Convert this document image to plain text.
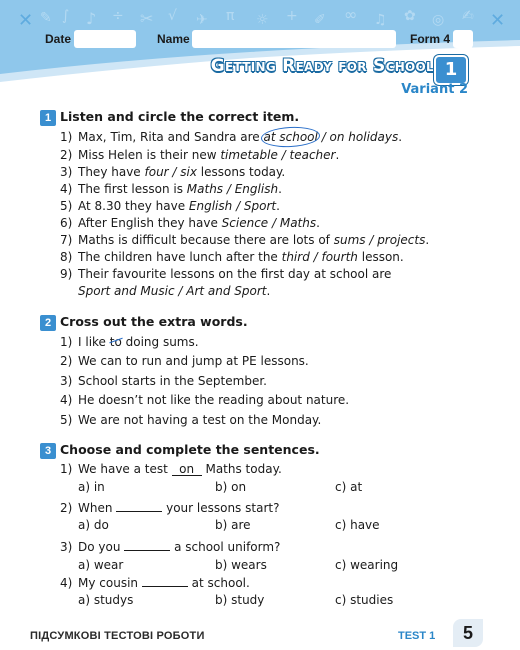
✕ ✎ ∫ ♪ ÷ ✂ √ ✈ π ☼ + ✐ ∞ ♫ ✿ ◎ ✍ ✕
Date	Name	Form 4
Getting Ready for School 1
Variant 2
1 Listen and circle the correct item.
1) Max, Tim, Rita and Sandra are at school / on holidays.
2) Miss Helen is their new timetable / teacher.
3) They have four / six lessons today.
4) The first lesson is Maths / English.
5) At 8.30 they have English / Sport.
6) After English they have Science / Maths.
7) Maths is difficult because there are lots of sums / projects.
8) The children have lunch after the third / fourth lesson.
9) Their favourite lessons on the first day at school are
Sport and Music / Art and Sport.
2 Cross out the extra words.
1) I like to doing sums.
2) We can to run and jump at PE lessons.
3) School starts in the September.
4) He doesn’t not like the reading about nature.
5) We are not having a test on the Monday.
3 Choose and complete the sentences.
1) We have a test on Maths today.
a) in	b) on	c) at
2) When	your lessons start?
a) do	b) are	c) have
3) Do you	a school uniform?
a) wear	b) wears	c) wearing
4) My cousin	at school.
a) studys	b) study	c) studies
ПІДСУМКОВІ ТЕСТОВІ РОБОТИ	TEST 1	5
